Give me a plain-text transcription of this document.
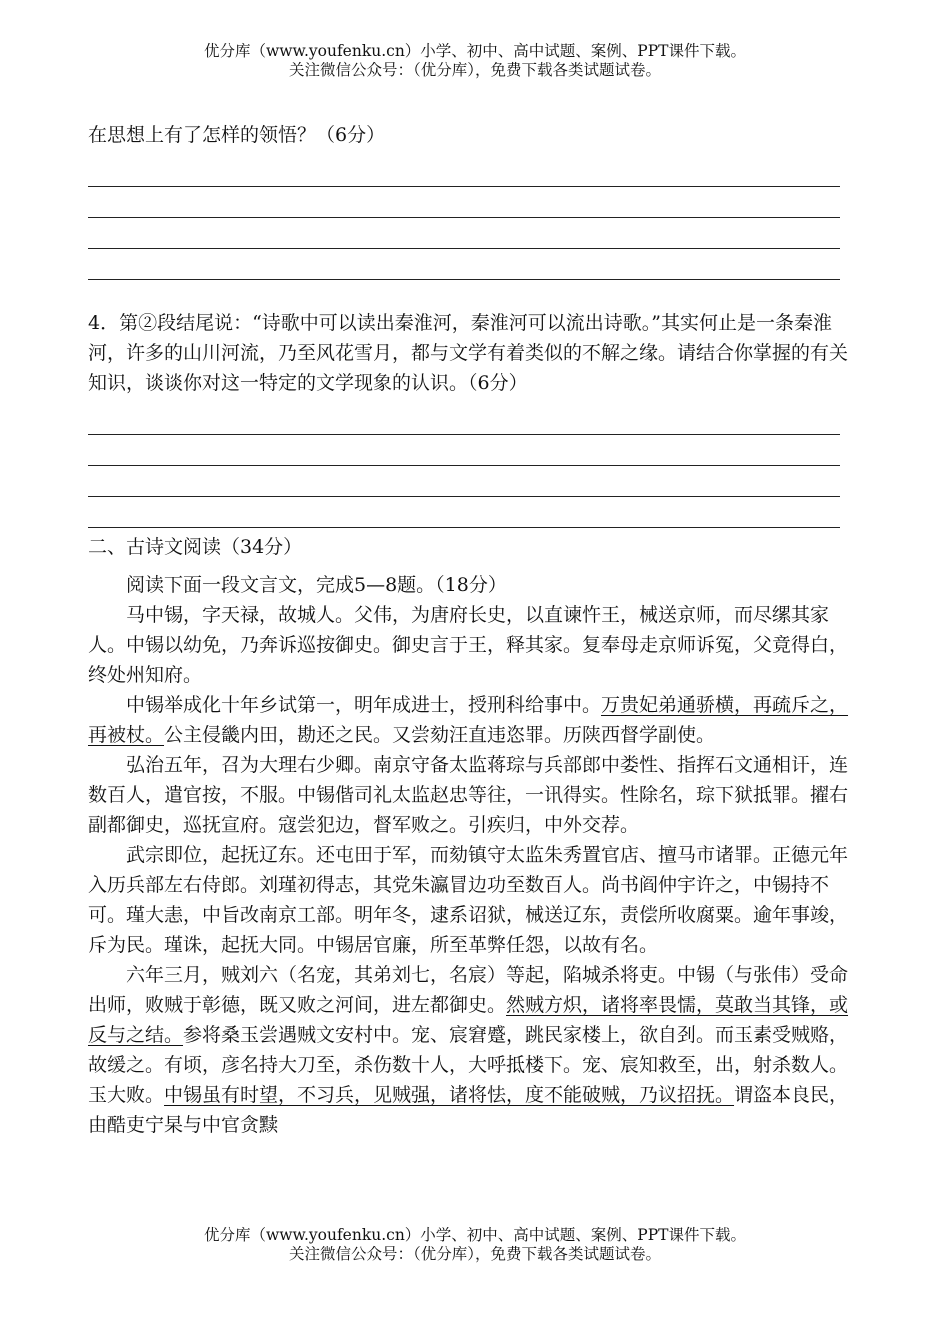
优分库（www.youfenku.cn）小学、初中、高中试题、案例、PPT课件下载。
关注微信公众号：（优分库），免费下载各类试题试卷。

在思想上有了怎样的领悟？（6分）

4．第②段结尾说：“诗歌中可以读出秦淮河，秦淮河可以流出诗歌。”其实何止是一条秦淮河，许多的山川河流，乃至风花雪月，都与文学有着类似的不解之缘。请结合你掌握的有关知识，谈谈你对这一特定的文学现象的认识。（6分）

二、古诗文阅读（34分）

阅读下面一段文言文，完成5—8题。（18分）

马中锡，字天禄，故城人。父伟，为唐府长史，以直谏忤王，械送京师，而尽缧其家人。中锡以幼免，乃奔诉巡按御史。御史言于王，释其家。复奉母走京师诉冤，父竟得白，终处州知府。

中锡举成化十年乡试第一，明年成进士，授刑科给事中。万贵妃弟通骄横，再疏斥之，再被杖。公主侵畿内田，勘还之民。又尝劾汪直违恣罪。历陕西督学副使。

弘治五年，召为大理右少卿。南京守备太监蒋琮与兵部郎中娄性、指挥石文通相讦，连数百人，遣官按，不服。中锡偕司礼太监赵忠等往，一讯得实。性除名，琮下狱抵罪。擢右副都御史，巡抚宣府。寇尝犯边，督军败之。引疾归，中外交荐。

武宗即位，起抚辽东。还屯田于军，而劾镇守太监朱秀置官店、擅马市诸罪。正德元年入历兵部左右侍郎。刘瑾初得志，其党朱瀛冒边功至数百人。尚书阎仲宇许之，中锡持不可。瑾大恚，中旨改南京工部。明年冬，逮系诏狱，械送辽东，责偿所收腐粟。逾年事竣，斥为民。瑾诛，起抚大同。中锡居官廉，所至革弊任怨，以故有名。

六年三月，贼刘六（名宠，其弟刘七，名宸）等起，陷城杀将吏。中锡（与张伟）受命出师，败贼于彰德，既又败之河间，进左都御史。然贼方炽，诸将率畏懦，莫敢当其锋，或反与之结。参将桑玉尝遇贼文安村中。宠、宸窘蹙，跳民家楼上，欲自刭。而玉素受贼赂，故缓之。有顷，彦名持大刀至，杀伤数十人，大呼抵楼下。宠、宸知救至，出，射杀数人。玉大败。中锡虽有时望，不习兵，见贼强，诸将怯，度不能破贼，乃议招抚。谓盗本良民，由酷吏宁杲与中官贪黩

优分库（www.youfenku.cn）小学、初中、高中试题、案例、PPT课件下载。
关注微信公众号：（优分库），免费下载各类试题试卷。
